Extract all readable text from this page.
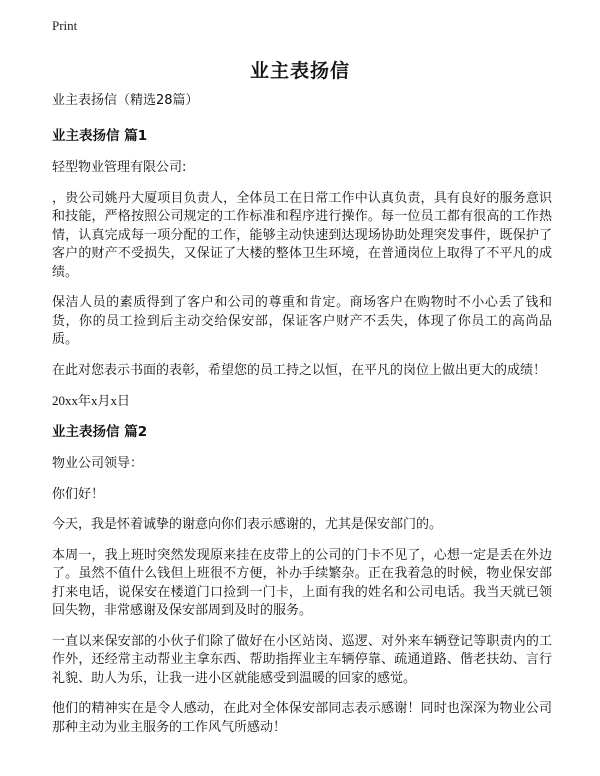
Print
业主表扬信

业主表扬信（精选28篇）

业主表扬信 篇1

轻型物业管理有限公司:

，贵公司姚丹大厦项目负责人，全体员工在日常工作中认真负责，具有良好的服务意识和技能，严格按照公司规定的工作标准和程序进行操作。每一位员工都有很高的工作热情，认真完成每一项分配的工作，能够主动快速到达现场协助处理突发事件，既保护了客户的财产不受损失，又保证了大楼的整体卫生环境，在普通岗位上取得了不平凡的成绩。

保洁人员的素质得到了客户和公司的尊重和肯定。商场客户在购物时不小心丢了钱和货，你的员工捡到后主动交给保安部，保证客户财产不丢失，体现了你员工的高尚品质。

在此对您表示书面的表彰，希望您的员工持之以恒，在平凡的岗位上做出更大的成绩！

20xx年x月x日

业主表扬信 篇2

物业公司领导：

你们好！

今天，我是怀着诚挚的谢意向你们表示感谢的，尤其是保安部门的。

本周一，我上班时突然发现原来挂在皮带上的公司的门卡不见了，心想一定是丢在外边了。虽然不值什么钱但上班很不方便，补办手续繁杂。正在我着急的时候，物业保安部打来电话，说保安在楼道门口捡到一门卡，上面有我的姓名和公司电话。我当天就已领回失物，非常感谢及保安部周到及时的服务。

一直以来保安部的小伙子们除了做好在小区站岗、巡逻、对外来车辆登记等职责内的工作外，还经常主动帮业主拿东西、帮助指挥业主车辆停靠、疏通道路、偕老扶幼、言行礼貌、助人为乐，让我一进小区就能感受到温暖的回家的感觉。

他们的精神实在是令人感动，在此对全体保安部同志表示感谢！同时也深深为物业公司那种主动为业主服务的工作风气所感动！
